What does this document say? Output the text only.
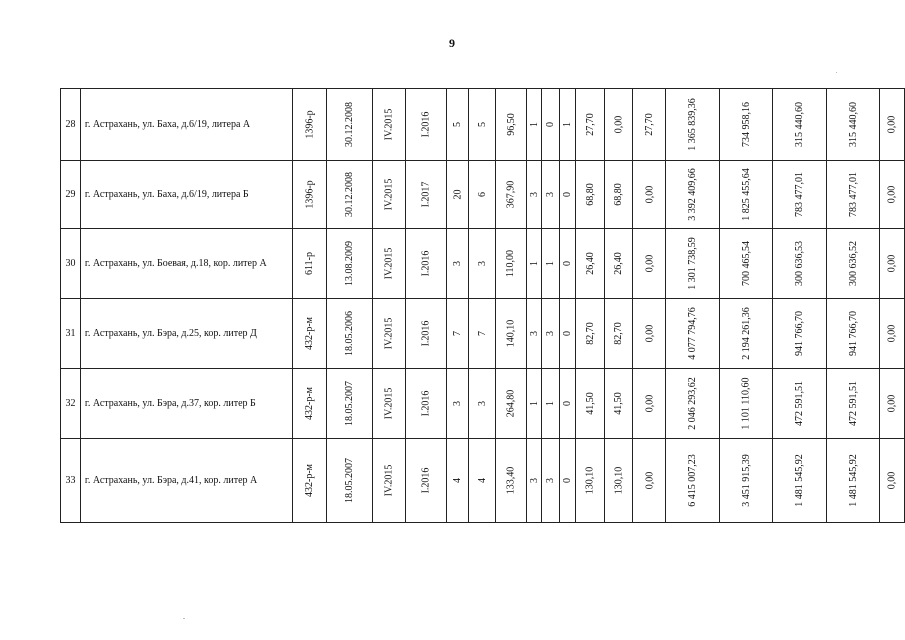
9
28	г. Астрахань, ул. Баха, д.6/19, литера А	1396-р	30.12.2008	IV.2015	I.2016	5	5	96,50	1	0	1	27,70	0,00	27,70	1 365 839,36	734 958,16	315 440,60	315 440,60	0,00
29	г. Астрахань, ул. Баха, д.6/19, литера Б	1396-р	30.12.2008	IV.2015	I.2017	20	6	367,90	3	3	0	68,80	68,80	0,00	3 392 409,66	1 825 455,64	783 477,01	783 477,01	0,00
30	г. Астрахань, ул. Боевая, д.18, кор. литер А	611-р	13.08.2009	IV.2015	I.2016	3	3	110,00	1	1	0	26,40	26,40	0,00	1 301 738,59	700 465,54	300 636,53	300 636,52	0,00
31	г. Астрахань, ул. Бэра, д.25, кор. литер Д	432-р-м	18.05.2006	IV.2015	I.2016	7	7	140,10	3	3	0	82,70	82,70	0,00	4 077 794,76	2 194 261,36	941 766,70	941 766,70	0,00
32	г. Астрахань, ул. Бэра, д.37, кор. литер Б	432-р-м	18.05.2007	IV.2015	I.2016	3	3	264,80	1	1	0	41,50	41,50	0,00	2 046 293,62	1 101 110,60	472 591,51	472 591,51	0,00
33	г. Астрахань, ул. Бэра, д.41, кор. литер А	432-р-м	18.05.2007	IV.2015	I.2016	4	4	133,40	3	3	0	130,10	130,10	0,00	6 415 007,23	3 451 915,39	1 481 545,92	1 481 545,92	0,00
